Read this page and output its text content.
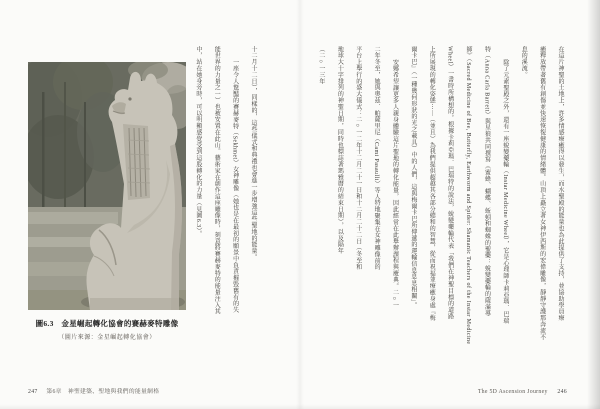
圖6.3　金星崛起轉化協會的賽赫麥特雕像
（圖片來源：金星崛起轉化協會）
十二月十二日），同樣的，這些儀式和典禮也會進一步增強這些聖地的能量。
一座令人驚豔的賽赫麥特（Sekhmet）女神雕像（她也是在最初的願景中負責摧毀舊有的失
能世界的力量之一）也被安置在此山。藝術家在創作這座雕像時，刻意將賽赫麥特的能量注入其
中，站在她身旁時，可以明顯感覺受到這股轉化的力量（見圖6.3）。
247 第6章　神聖建築、聖地與我們的能量網格
在這片神聖的土地上，許多情感療癒得以發生，而水聖殿的能量也為此提供了支持，並協助學員療
癒釋放帶著舊有創傷並快速恢復健康的情緒體。山頂上矗立著女神伊西斯的宏偉雕像，靜靜守護那奔流不
息的溪流。
除了元素聖殿之外，還有一座蛻變藥輪（Instar Medicine Wheel），它是心理師卡莉亞瑪．巴瑞
特（Anna Carla Barrett）與星狼共同撰寫《蜜蜂、蝴蝶、蚯蚓和蜘蛛的聖藥：蛻變藥輪的薩滿導
師》（Sacred Medicine of Bee, Butterfly, Earthworm and Spider: Shamanic Teachers of the Instar Medicine
Wheel）一書時所構想的。根據卡莉亞瑪．巴瑞特的說法，蛻變藥輪代表「我們在神聖目標的道路
上所展現的轉化姿態⋯⋯（並且）為我們提供超越其各部分總和的智慧，從而祝福並療癒身處『梅
爾卡巴』（一種幾何形狀的光之載具）中的人們，這與梅爾卡巴所傳遞的運輸信息息息相關」。
安娜希望讓更多人親身體驗這片聖地的轉化能量，因此經常在此舉辦課程與慶典。二○一
二年冬至，她與奧茲．帕薩里尼（Cami Pasaulli）等人特地聚集在女神雕像前的
平台上舉行的盛大儀式：二○一二年十二月二十一日和十二月二十二日（冬至和
地球大十字排列的神聖日期，同時也標誌著瑪雅曆的結束日期），以及隔年
（二○一三年
The 5D Ascension Journey 246
